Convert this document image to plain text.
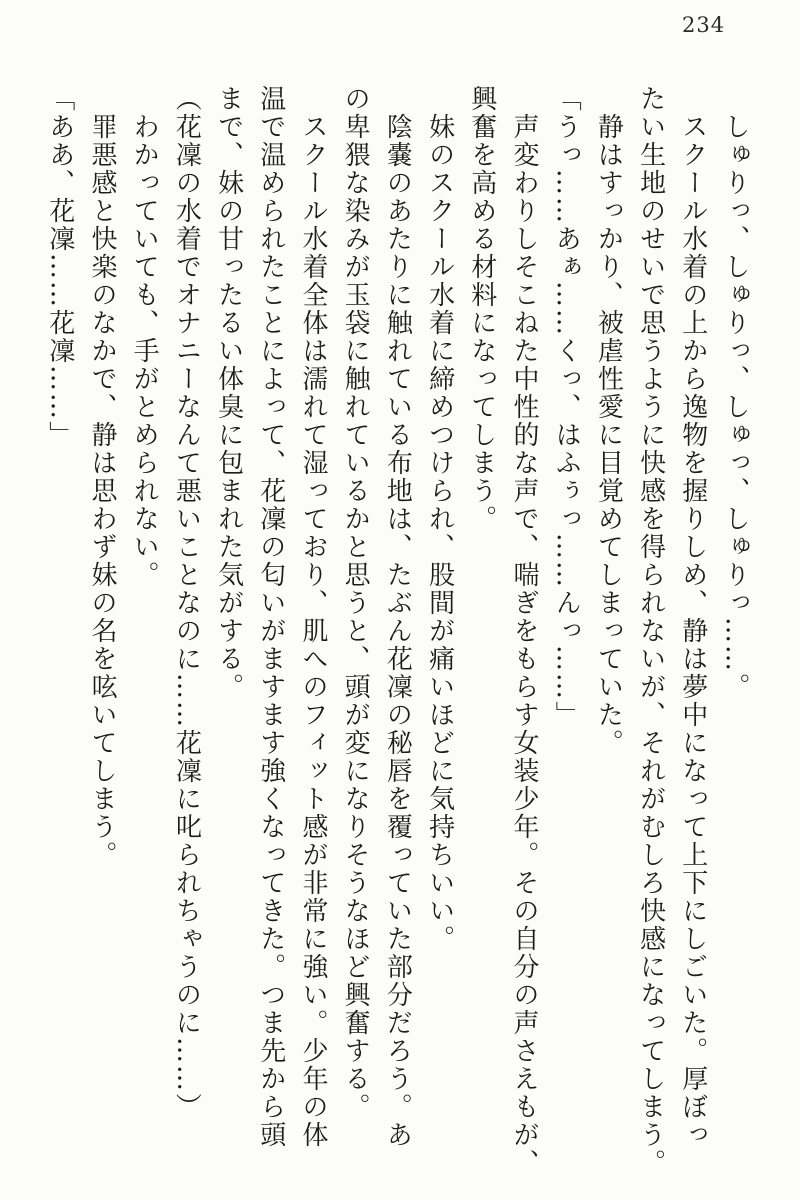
234
しゅりっ、しゅりっ、しゅっ、しゅりっ……。
スクール水着の上から逸物を握りしめ、静は夢中になって上下にしごいた。厚ぼっ
たい生地のせいで思うように快感を得られないが、それがむしろ快感になってしまう。
静はすっかり、被虐性愛に目覚めてしまっていた。
「うっ……あぁ……くっ、はふぅっ……んっ……」
声変わりしそこねた中性的な声で、喘ぎをもらす女装少年。その自分の声さえもが、
興奮を高める材料になってしまう。
妹のスクール水着に締めつけられ、股間が痛いほどに気持ちいい。
陰嚢のあたりに触れている布地は、たぶん花凜の秘唇を覆っていた部分だろう。あ
の卑猥な染みが玉袋に触れているかと思うと、頭が変になりそうなほど興奮する。
スクール水着全体は濡れて湿っており、肌へのフィット感が非常に強い。少年の体
温で温められたことによって、花凜の匂いがますます強くなってきた。つま先から頭
まで、妹の甘ったるい体臭に包まれた気がする。
（花凜の水着でオナニーなんて悪いことなのに……花凜に叱られちゃうのに……）
わかっていても、手がとめられない。
罪悪感と快楽のなかで、静は思わず妹の名を呟いてしまう。
「ああ、花凜……花凜……」
